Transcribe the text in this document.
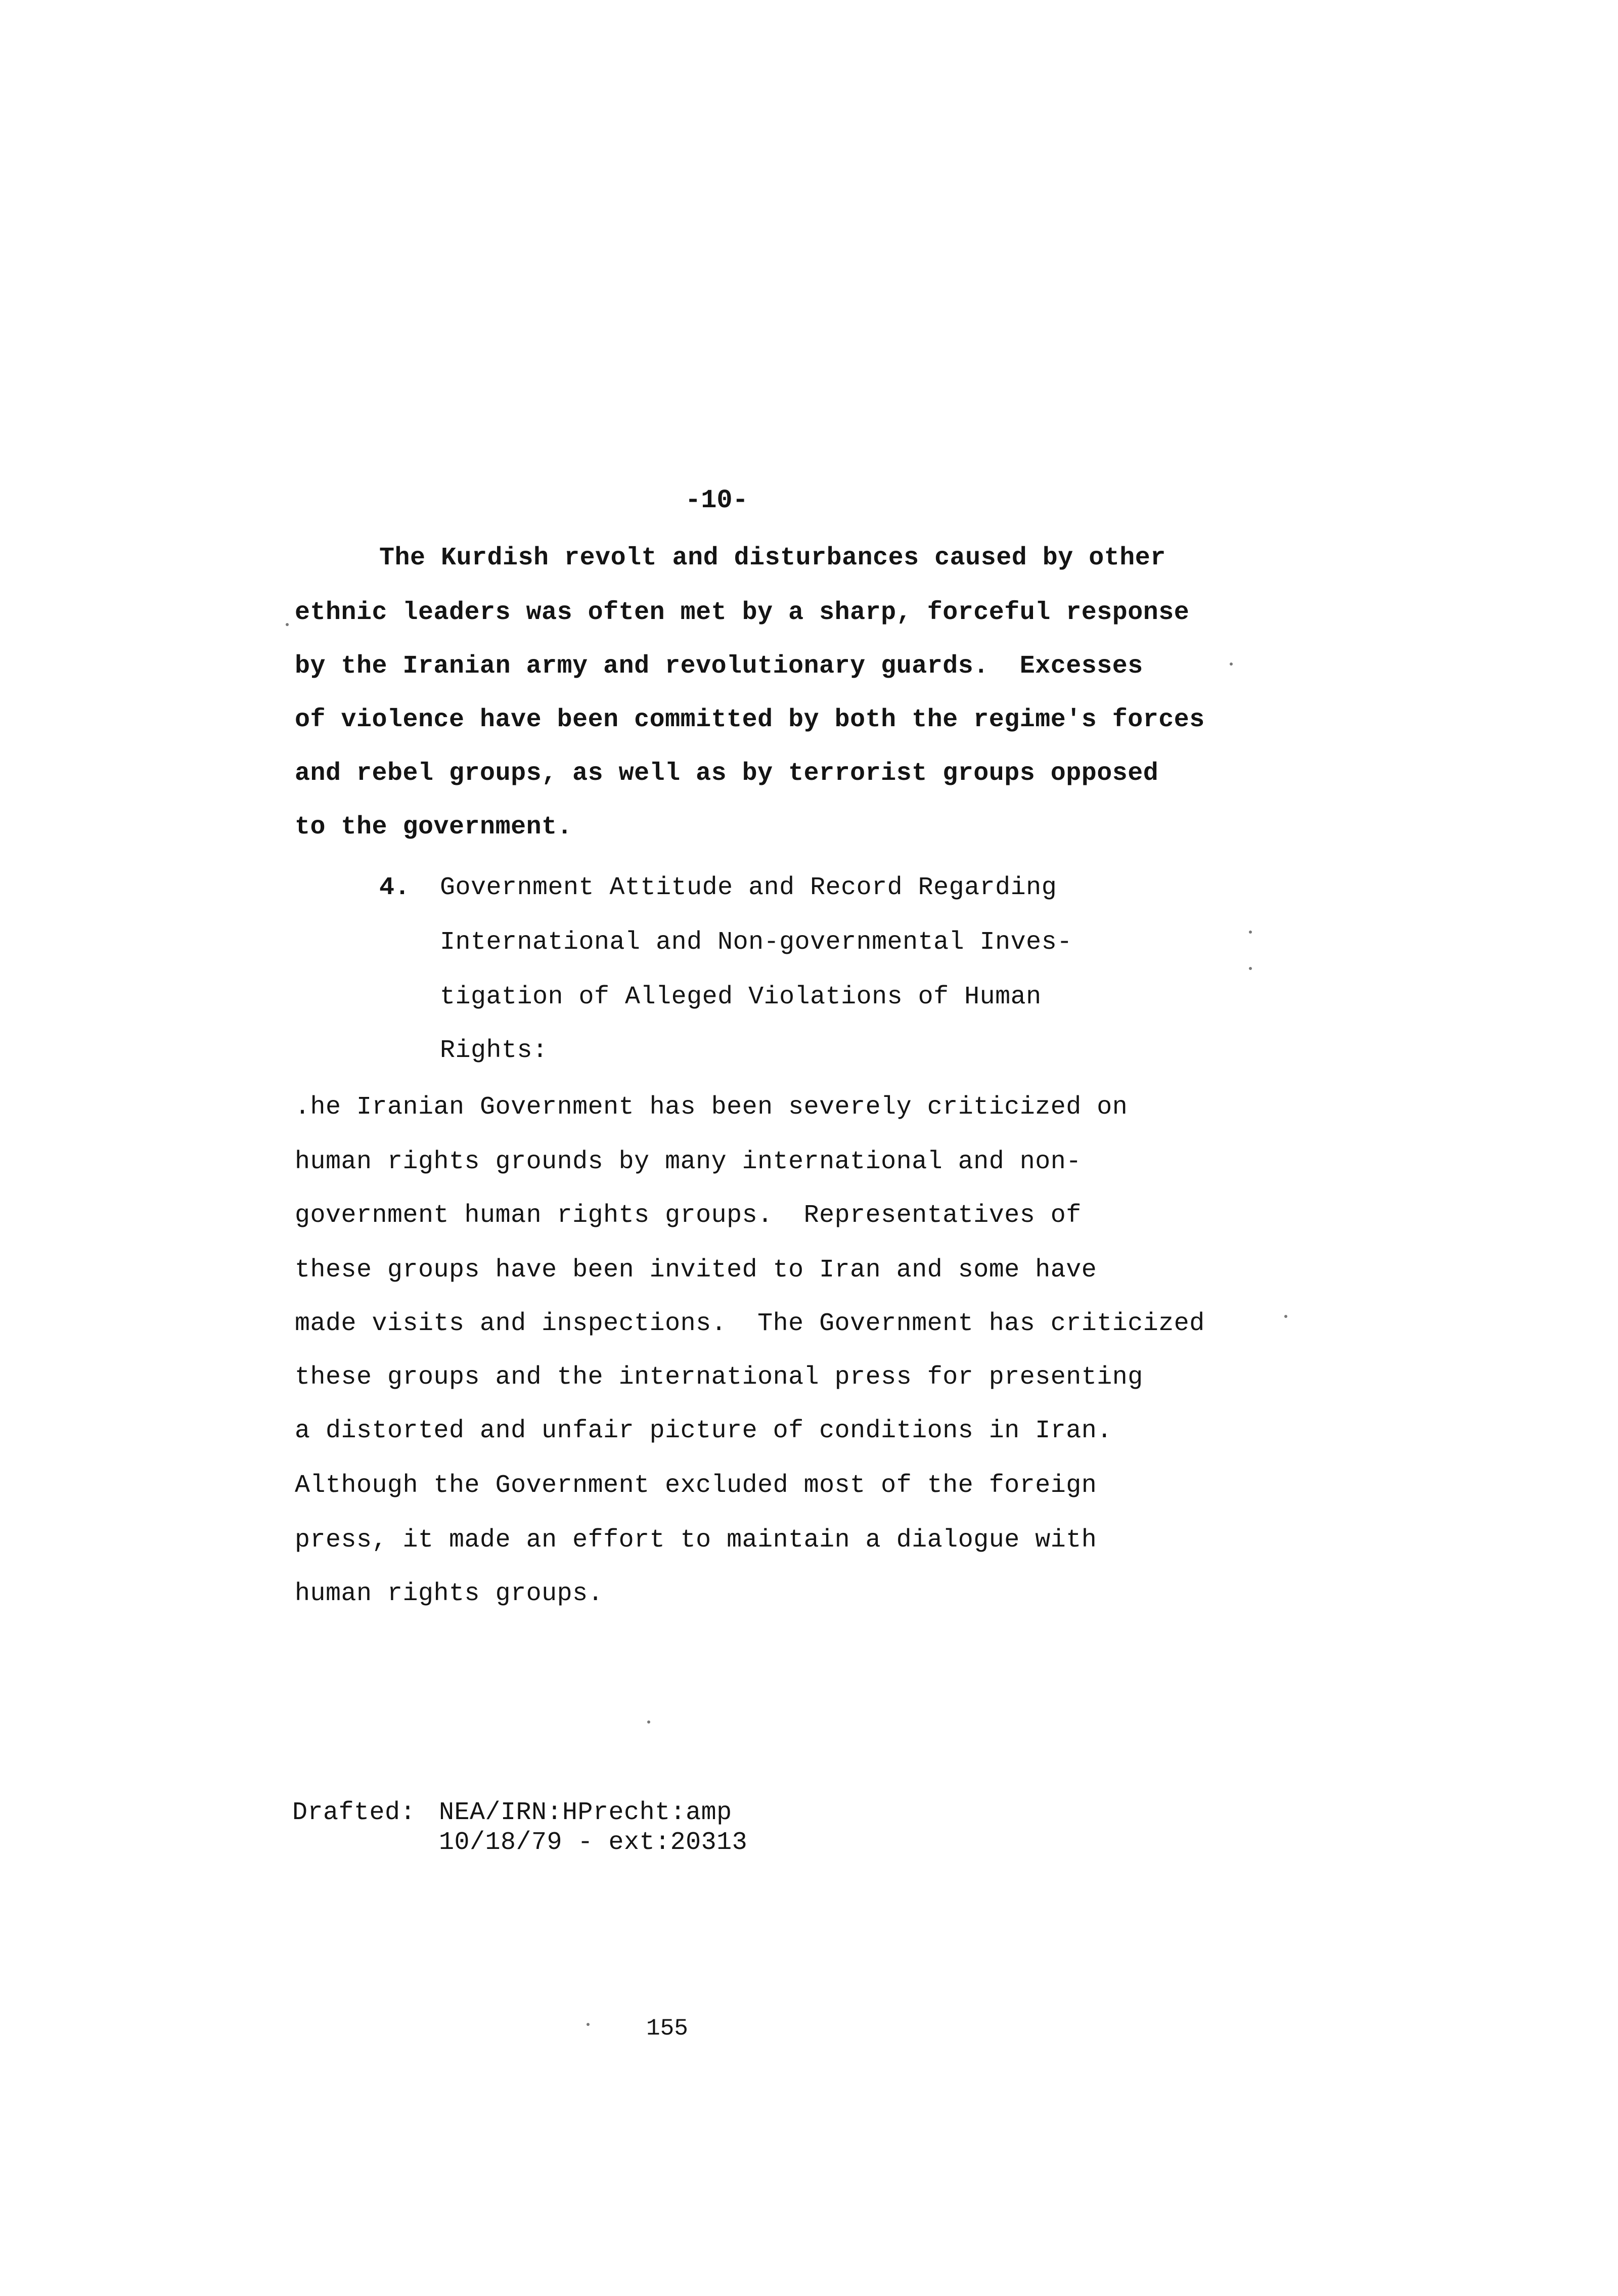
-10-
The Kurdish revolt and disturbances caused by other
ethnic leaders was often met by a sharp, forceful response
by the Iranian army and revolutionary guards.  Excesses
of violence have been committed by both the regime's forces
and rebel groups, as well as by terrorist groups opposed
to the government.
4. Government Attitude and Record Regarding
International and Non-governmental Inves-
tigation of Alleged Violations of Human
Rights:
.he Iranian Government has been severely criticized on
human rights grounds by many international and non-
government human rights groups.  Representatives of
these groups have been invited to Iran and some have
made visits and inspections.  The Government has criticized
these groups and the international press for presenting
a distorted and unfair picture of conditions in Iran.
Although the Government excluded most of the foreign
press, it made an effort to maintain a dialogue with
human rights groups.
Drafted: NEA/IRN:HPrecht:amp
10/18/79 - ext:20313
155
